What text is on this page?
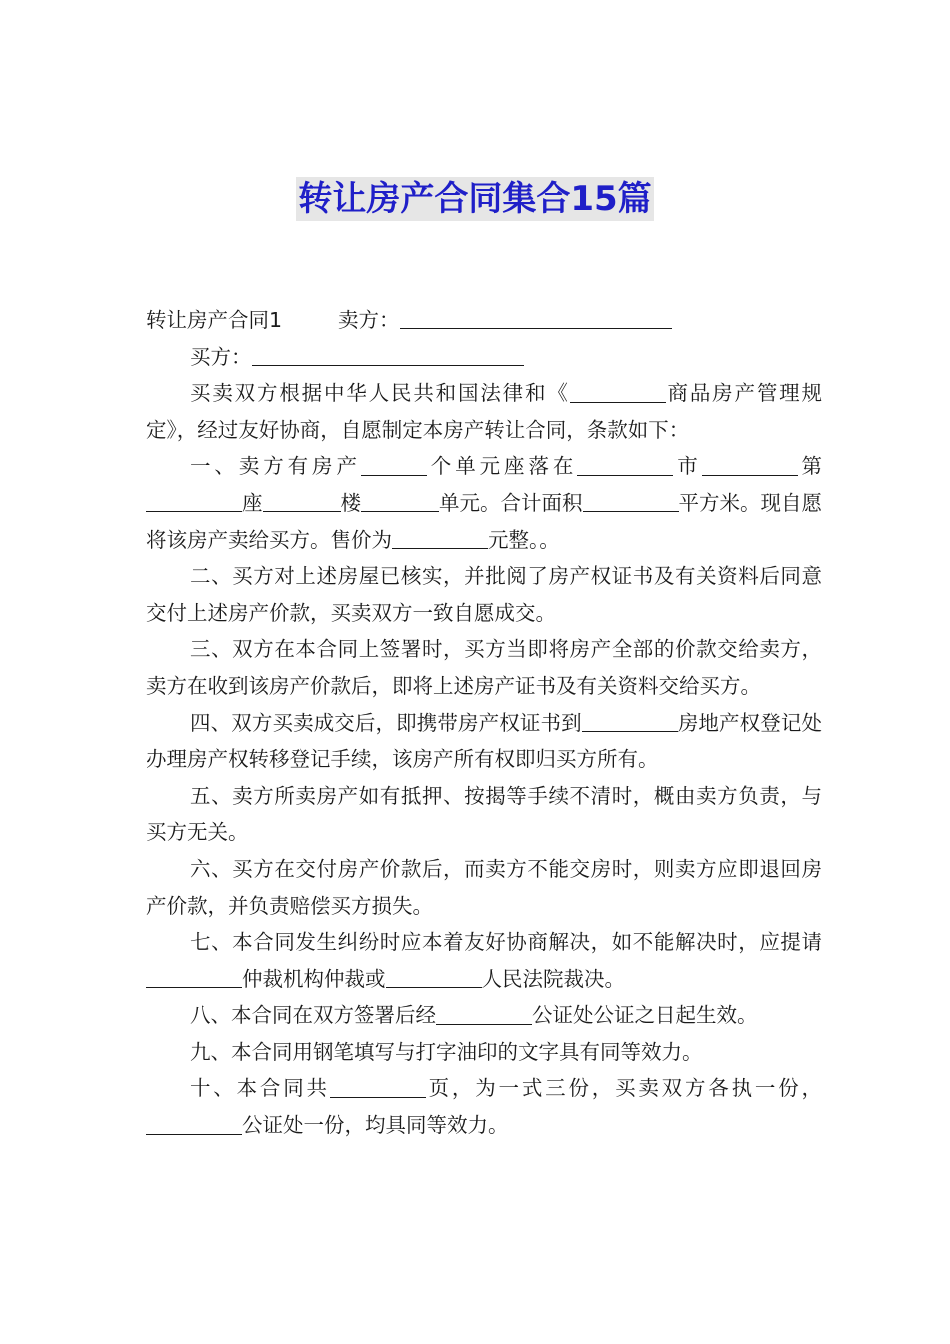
转让房产合同集合15篇

转让房产合同1	卖方：

买方：

买卖双方根据中华人民共和国法律和《	商品房产管理规定》，经过友好协商，自愿制定本房产转让合同，条款如下：

一、卖方有房产	个单元座落在	市	第座	楼	单元。合计面积	平方米。现自愿将该房产卖给买方。售价为	元整。。

二、买方对上述房屋已核实，并批阅了房产权证书及有关资料后同意交付上述房产价款，买卖双方一致自愿成交。

三、双方在本合同上签署时，买方当即将房产全部的价款交给卖方，卖方在收到该房产价款后，即将上述房产证书及有关资料交给买方。

四、双方买卖成交后，即携带房产权证书到	房地产权登记处办理房产权转移登记手续，该房产所有权即归买方所有。

五、卖方所卖房产如有抵押、按揭等手续不清时，概由卖方负责，与买方无关。

六、买方在交付房产价款后，而卖方不能交房时，则卖方应即退回房产价款，并负责赔偿买方损失。

七、本合同发生纠纷时应本着友好协商解决，如不能解决时，应提请仲裁机构仲裁或	人民法院裁决。

八、本合同在双方签署后经	公证处公证之日起生效。

九、本合同用钢笔填写与打字油印的文字具有同等效力。

十、本合同共	页，为一式三份，买卖双方各执一份，公证处一份，均具同等效力。
